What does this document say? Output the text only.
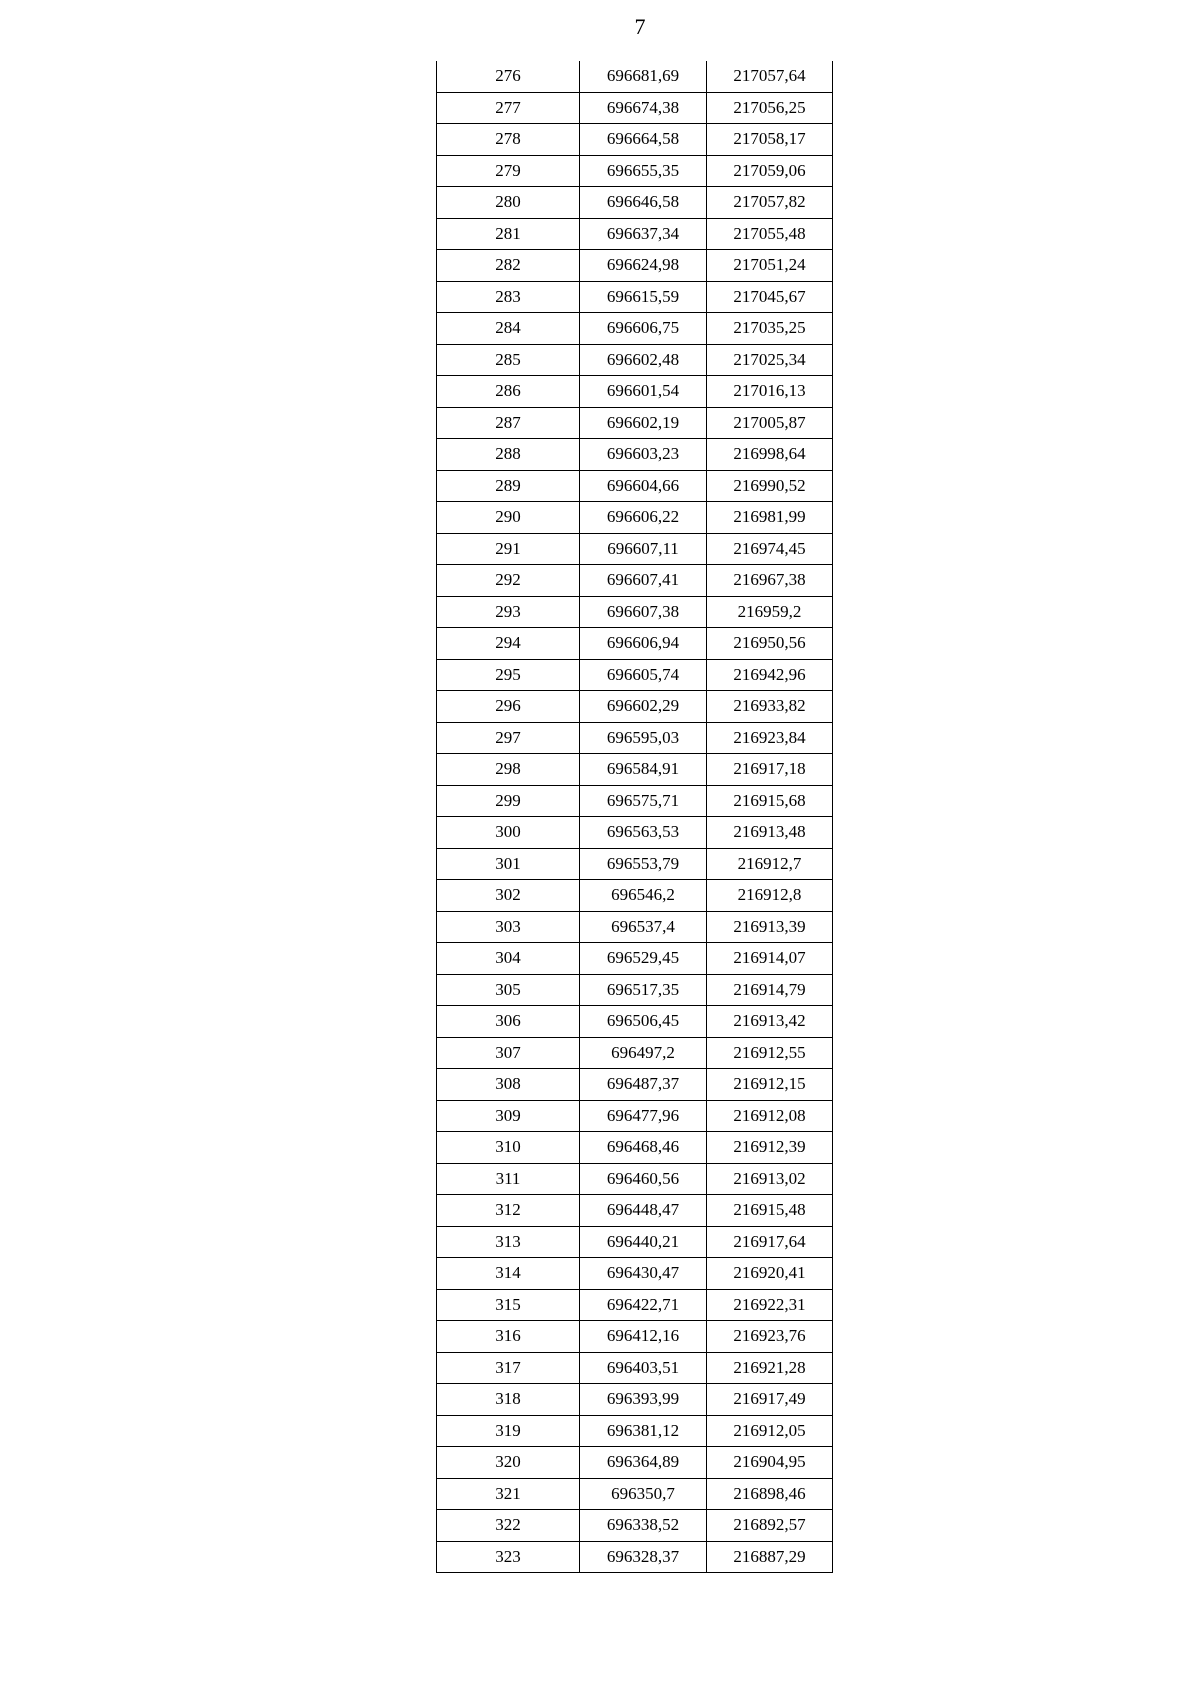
7
276	696681,69	217057,64
277	696674,38	217056,25
278	696664,58	217058,17
279	696655,35	217059,06
280	696646,58	217057,82
281	696637,34	217055,48
282	696624,98	217051,24
283	696615,59	217045,67
284	696606,75	217035,25
285	696602,48	217025,34
286	696601,54	217016,13
287	696602,19	217005,87
288	696603,23	216998,64
289	696604,66	216990,52
290	696606,22	216981,99
291	696607,11	216974,45
292	696607,41	216967,38
293	696607,38	216959,2
294	696606,94	216950,56
295	696605,74	216942,96
296	696602,29	216933,82
297	696595,03	216923,84
298	696584,91	216917,18
299	696575,71	216915,68
300	696563,53	216913,48
301	696553,79	216912,7
302	696546,2	216912,8
303	696537,4	216913,39
304	696529,45	216914,07
305	696517,35	216914,79
306	696506,45	216913,42
307	696497,2	216912,55
308	696487,37	216912,15
309	696477,96	216912,08
310	696468,46	216912,39
311	696460,56	216913,02
312	696448,47	216915,48
313	696440,21	216917,64
314	696430,47	216920,41
315	696422,71	216922,31
316	696412,16	216923,76
317	696403,51	216921,28
318	696393,99	216917,49
319	696381,12	216912,05
320	696364,89	216904,95
321	696350,7	216898,46
322	696338,52	216892,57
323	696328,37	216887,29
